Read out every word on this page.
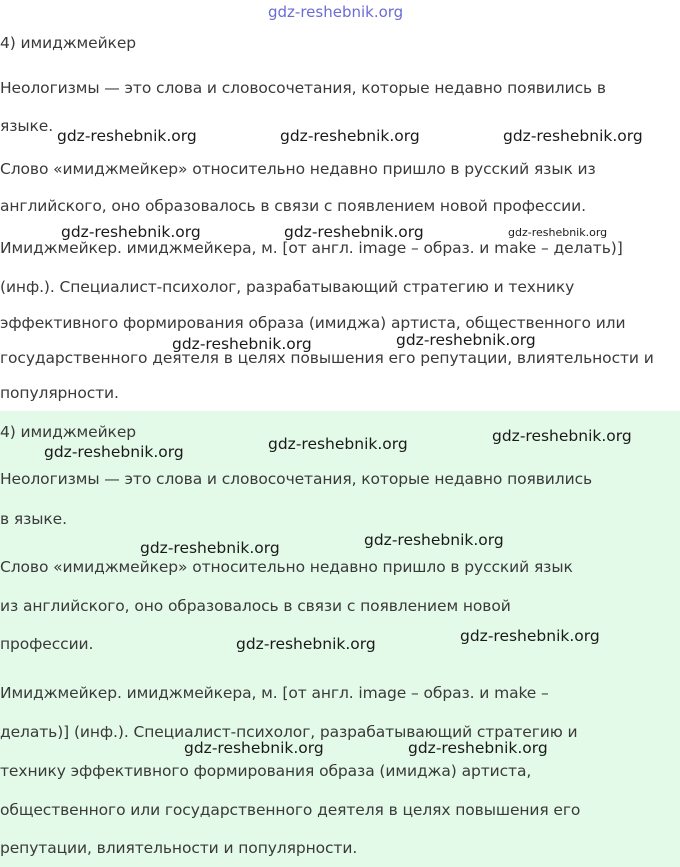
4) имиджмейкер
Неологизмы — это слова и словосочетания, которые недавно появились в
языке.
Слово «имиджмейкер» относительно недавно пришло в русский язык из
английского, оно образовалось в связи с появлением новой профессии.
Имиджмейкер. имиджмейкера, м. [от англ. image – образ. и make – делать)]
(инф.). Специалист-психолог, разрабатывающий стратегию и технику
эффективного формирования образа (имиджа) артиста, общественного или
государственного деятеля в целях повышения его репутации, влиятельности и
популярности.
4) имиджмейкер
Неологизмы — это слова и словосочетания, которые недавно появились
в языке.
Слово «имиджмейкер» относительно недавно пришло в русский язык
из английского, оно образовалось в связи с появлением новой
профессии.
Имиджмейкер. имиджмейкера, м. [от англ. image – образ. и make –
делать)] (инф.). Специалист-психолог, разрабатывающий стратегию и
технику эффективного формирования образа (имиджа) артиста,
общественного или государственного деятеля в целях повышения его
репутации, влиятельности и популярности.
gdz-reshebnik.org
gdz-reshebnik.org	gdz-reshebnik.org	gdz-reshebnik.org
gdz-reshebnik.org	gdz-reshebnik.org	gdz-reshebnik.org
gdz-reshebnik.org	gdz-reshebnik.org
gdz-reshebnik.org	gdz-reshebnik.org	gdz-reshebnik.org
gdz-reshebnik.org	gdz-reshebnik.org
gdz-reshebnik.org	gdz-reshebnik.org
gdz-reshebnik.org	gdz-reshebnik.org
